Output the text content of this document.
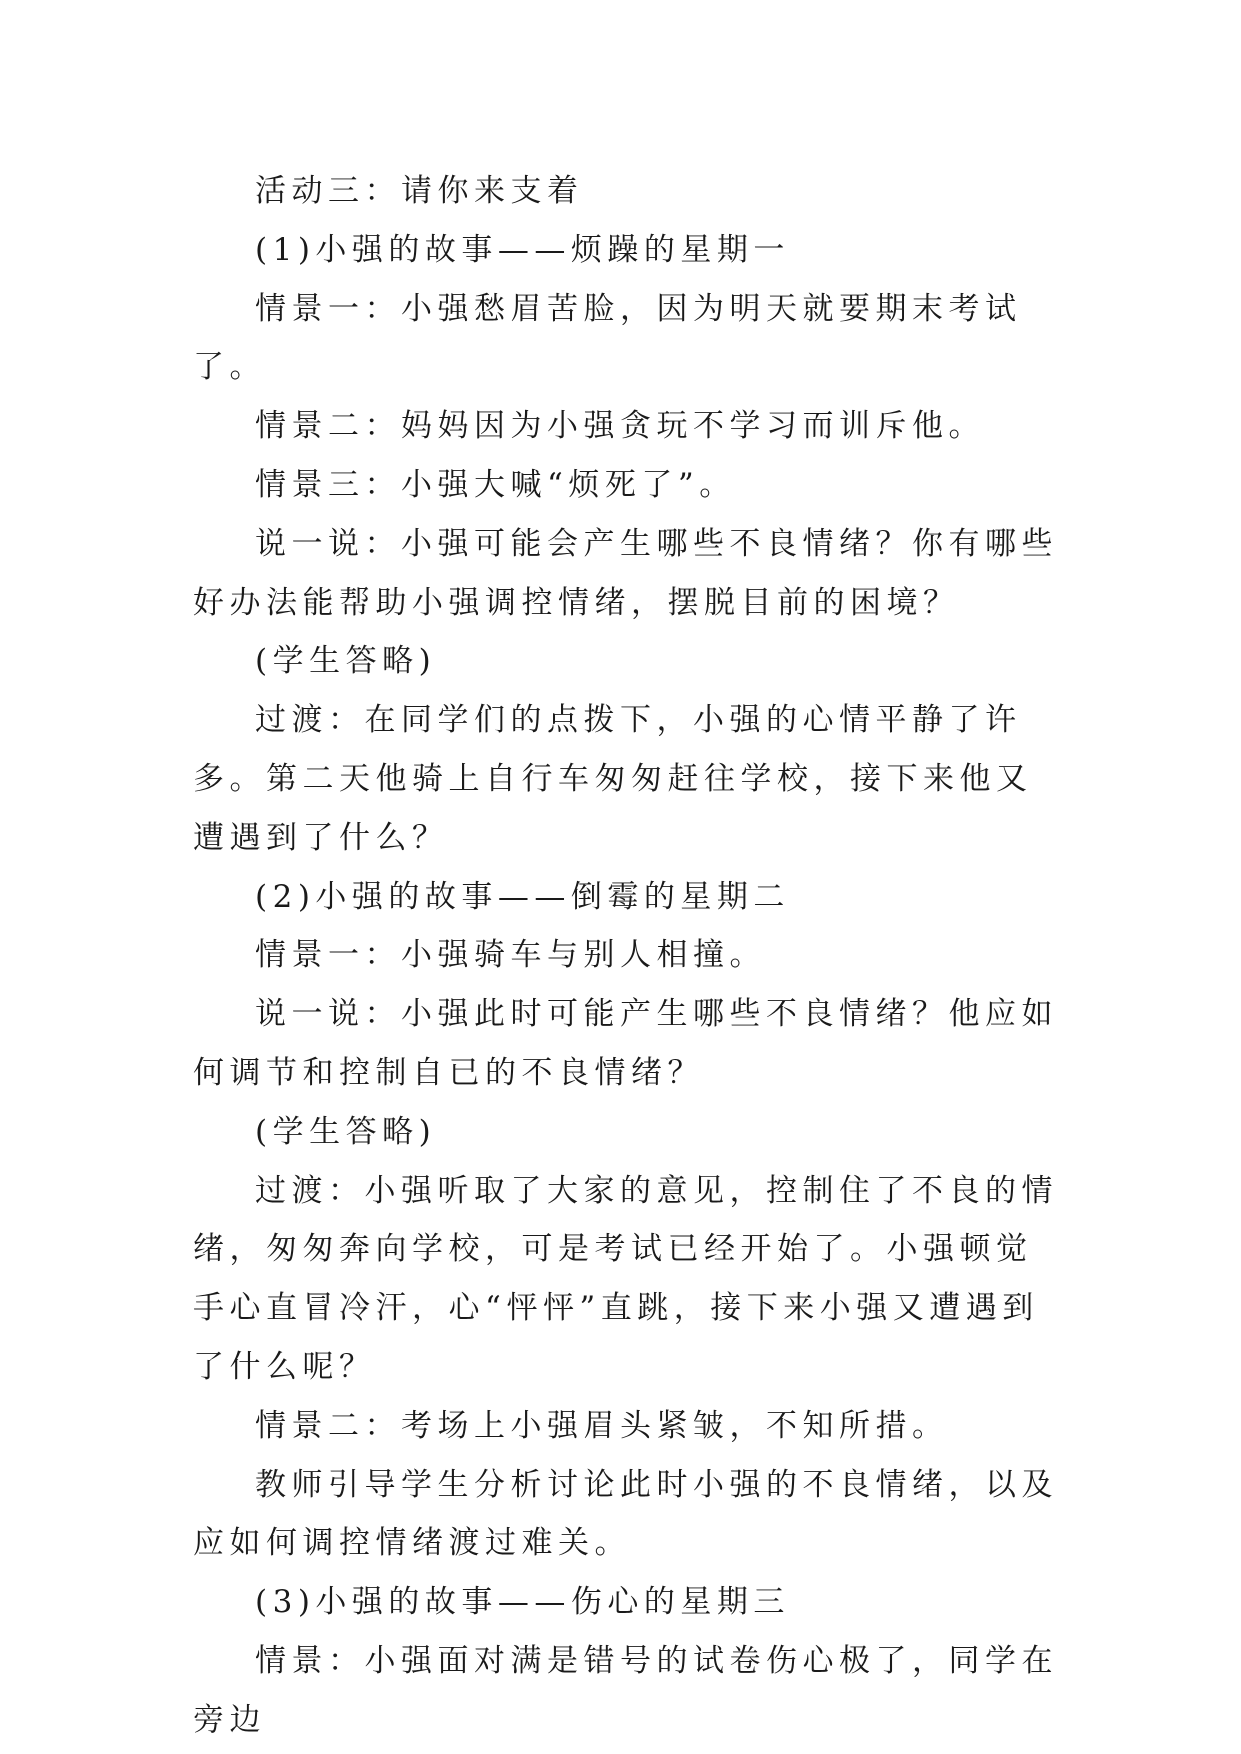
活动三：请你来支着

(1)小强的故事——烦躁的星期一

情景一：小强愁眉苦脸，因为明天就要期末考试了。

情景二：妈妈因为小强贪玩不学习而训斥他。

情景三：小强大喊“烦死了”。

说一说：小强可能会产生哪些不良情绪？你有哪些好办法能帮助小强调控情绪，摆脱目前的困境？

(学生答略)

过渡：在同学们的点拨下，小强的心情平静了许多。第二天他骑上自行车匆匆赶往学校，接下来他又遭遇到了什么？

(2)小强的故事——倒霉的星期二

情景一：小强骑车与别人相撞。

说一说：小强此时可能产生哪些不良情绪？他应如何调节和控制自已的不良情绪？

(学生答略)

过渡：小强听取了大家的意见，控制住了不良的情绪，匆匆奔向学校，可是考试已经开始了。小强顿觉手心直冒冷汗，心“怦怦”直跳，接下来小强又遭遇到了什么呢？

情景二：考场上小强眉头紧皱，不知所措。

教师引导学生分析讨论此时小强的不良情绪，以及应如何调控情绪渡过难关。

(3)小强的故事——伤心的星期三

情景：小强面对满是错号的试卷伤心极了，同学在旁边
